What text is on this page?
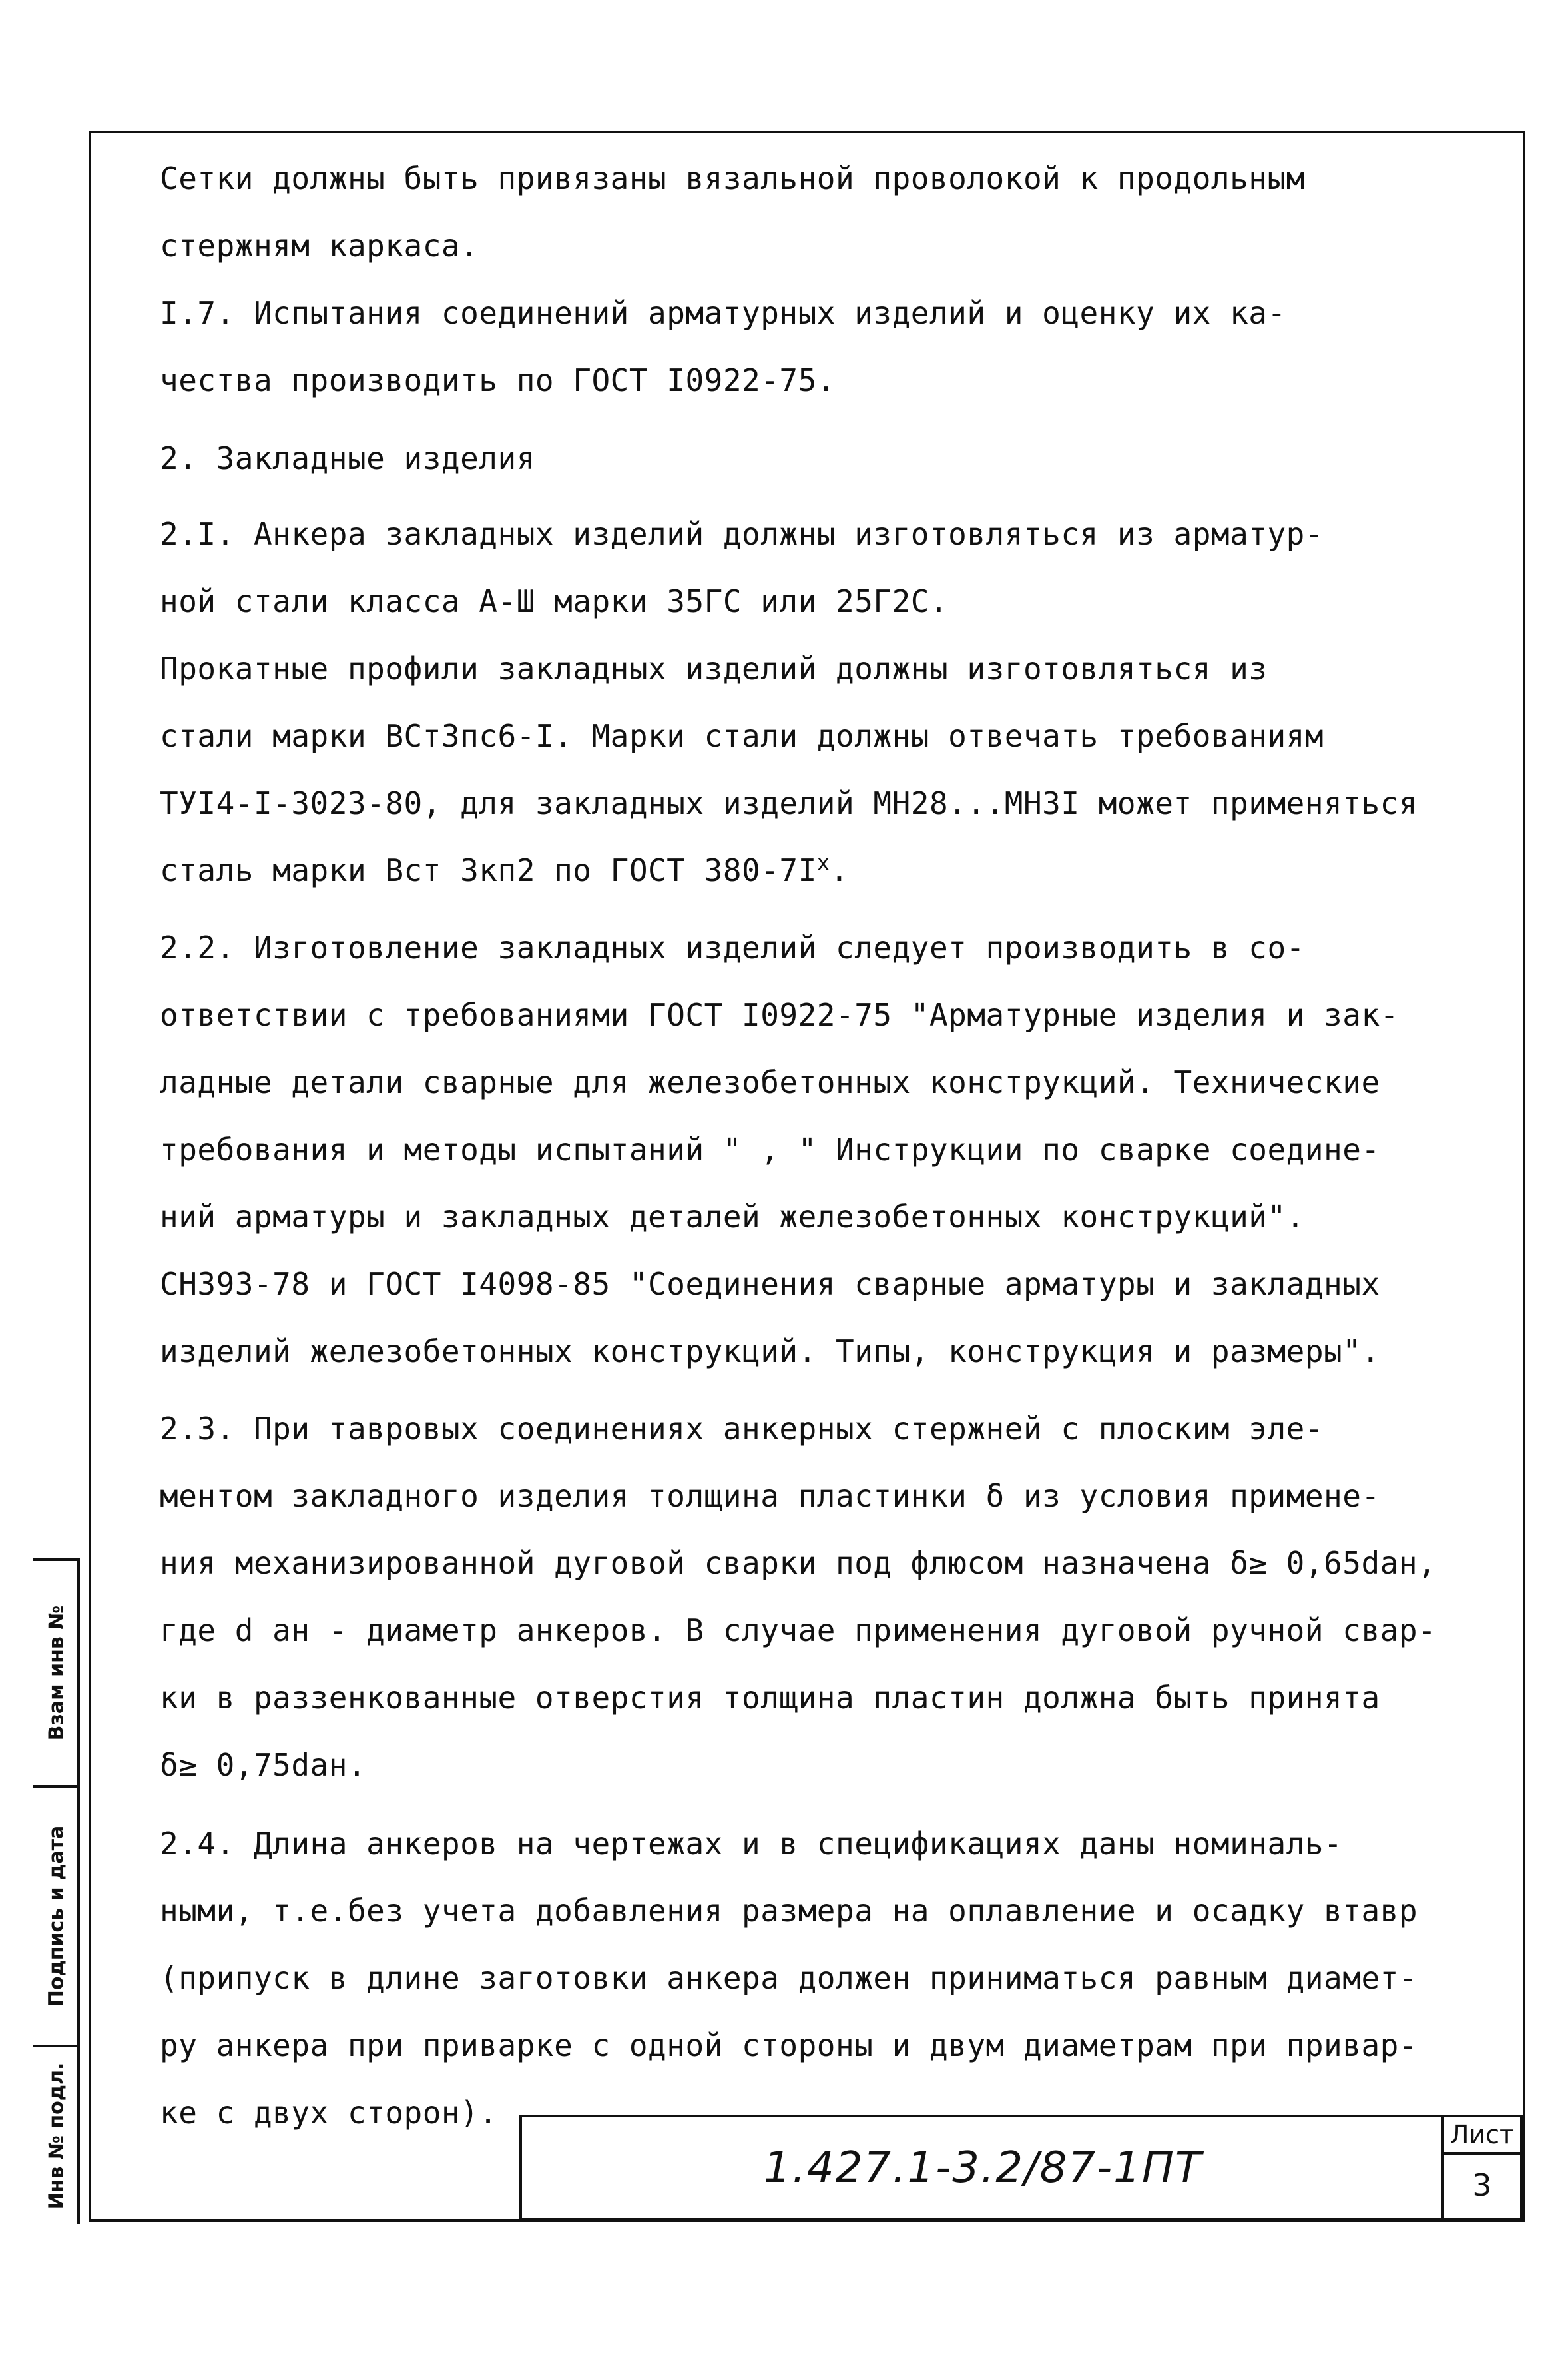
Сетки должны быть привязаны вязальной проволокой к продольным
стержням каркаса.
I.7. Испытания соединений арматурных изделий и оценку их ка-
чества производить по ГОСТ I0922-75.
2. Закладные изделия
2.I. Анкера закладных изделий должны изготовляться из арматур-
ной стали класса А-Ш марки 35ГС или 25Г2С.
Прокатные профили закладных изделий должны изготовляться из
стали марки ВСт3пс6-I. Марки стали должны отвечать требованиям
ТУI4-I-3023-80, для закладных изделий МН28...МН3I может применяться
сталь марки Вст 3кп2 по ГОСТ $380-7I^х$.
2.2. Изготовление закладных изделий следует производить в со-
ответствии с требованиями ГОСТ I0922-75 "Арматурные изделия и зак-
ладные детали сварные для железобетонных конструкций. Технические
требования и методы испытаний " , " Инструкции по сварке соедине-
ний арматуры и закладных деталей железобетонных конструкций".
СН393-78 и ГОСТ I4098-85 "Соединения сварные арматуры и закладных
изделий железобетонных конструкций. Типы, конструкция и размеры".
2.3. При тавровых соединениях анкерных стержней с плоским эле-
ментом закладного изделия толщина пластинки δ из условия примене-
ния механизированной дуговой сварки под флюсом назначена δ≥ 0,65dан,
где d ан - диаметр анкеров. В случае применения дуговой ручной свар-
ки в раззенкованные отверстия толщина пластин должна быть принята
δ≥ 0,75dан.
2.4. Длина анкеров на чертежах и в спецификациях даны номиналь-
ными, т.е.без учета добавления размера на оплавление и осадку втавр
(припуск в длине заготовки анкера должен приниматься равным диамет-
ру анкера при приварке с одной стороны и двум диаметрам при привар-
ке с двух сторон).
Взам инв №
Подпись и дата
Инв № подл.	1.427.1-3.2/87-1ПТ
Лист
3
